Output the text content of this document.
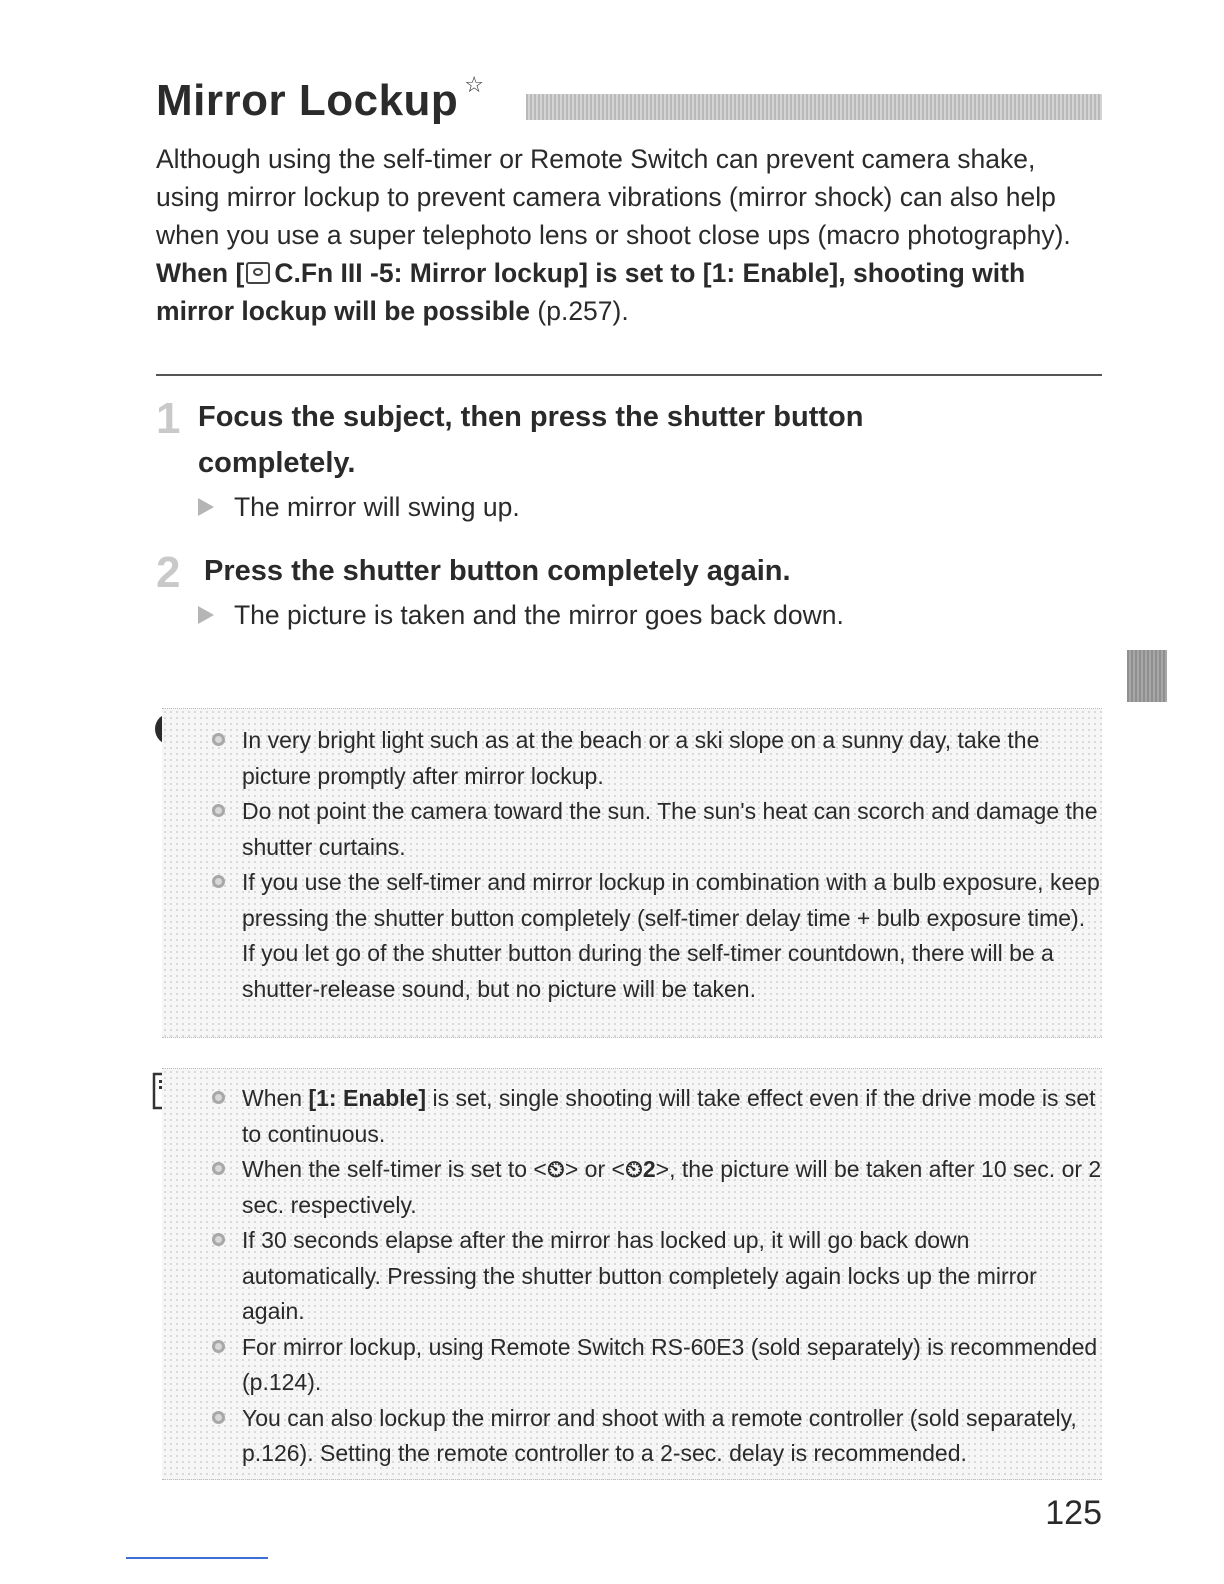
Mirror Lockup ☆

Although using the self-timer or Remote Switch can prevent camera shake, using mirror lockup to prevent camera vibrations (mirror shock) can also help when you use a super telephoto lens or shoot close ups (macro photography).

When [ C.Fn III -5: Mirror lockup] is set to [1: Enable], shooting with mirror lockup will be possible (p.257).

1 Focus the subject, then press the shutter button completely.
The mirror will swing up.
2 Press the shutter button completely again.
The picture is taken and the mirror goes back down.
In very bright light such as at the beach or a ski slope on a sunny day, take the picture promptly after mirror lockup.
Do not point the camera toward the sun. The sun's heat can scorch and damage the shutter curtains.
If you use the self-timer and mirror lockup in combination with a bulb exposure, keep pressing the shutter button completely (self-timer delay time + bulb exposure time). If you let go of the shutter button during the self-timer countdown, there will be a shutter-release sound, but no picture will be taken.
When [1: Enable] is set, single shooting will take effect even if the drive mode is set to continuous.
When the self-timer is set to <⏲> or <⏲2>, the picture will be taken after 10 sec. or 2 sec. respectively.
If 30 seconds elapse after the mirror has locked up, it will go back down automatically. Pressing the shutter button completely again locks up the mirror again.
For mirror lockup, using Remote Switch RS-60E3 (sold separately) is recommended (p.124).
You can also lockup the mirror and shoot with a remote controller (sold separately, p.126). Setting the remote controller to a 2-sec. delay is recommended.
125
